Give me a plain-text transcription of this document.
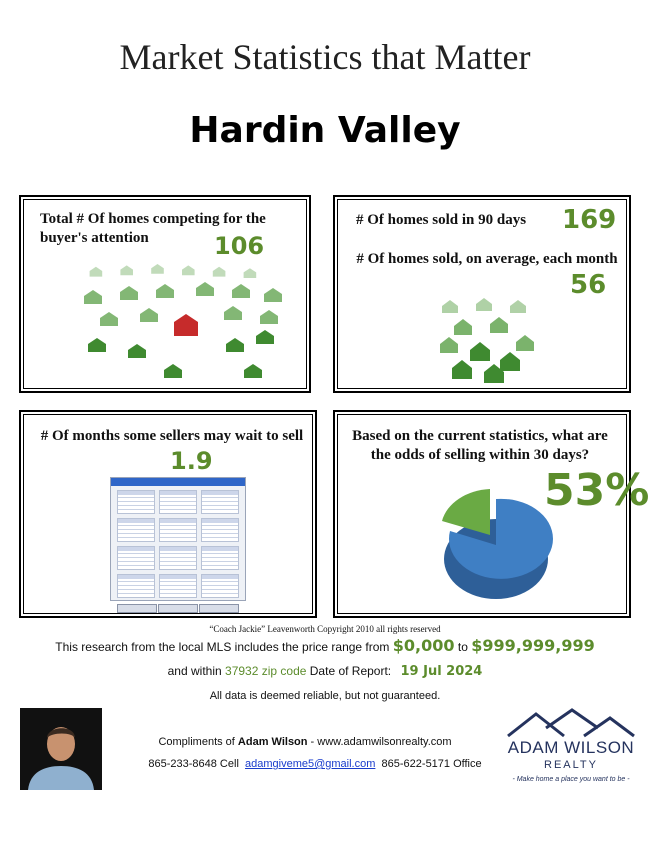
Market Statistics that Matter
Hardin Valley
Total # Of homes competing for the buyer's attention	106
# Of homes sold in 90 days 169
# Of homes sold, on average, each month
56
# Of months some sellers may wait to sell
1.9
Based on the current statistics, what are the odds of selling within 30 days?
53%
“Coach Jackie” Leavenworth Copyright 2010 all rights reserved
This research from the local MLS includes the price range from $0,000 to $999,999,999
and within 37932 zip code Date of Report: 19 Jul 2024
All data is deemed reliable, but not guaranteed.
Compliments of Adam Wilson - www.adamwilsonrealty.com
865-233-8648 Cell adamgiveme5@gmail.com 865-622-5171 Office
ADAM WILSON
REALTY
- Make home a place you want to be -
